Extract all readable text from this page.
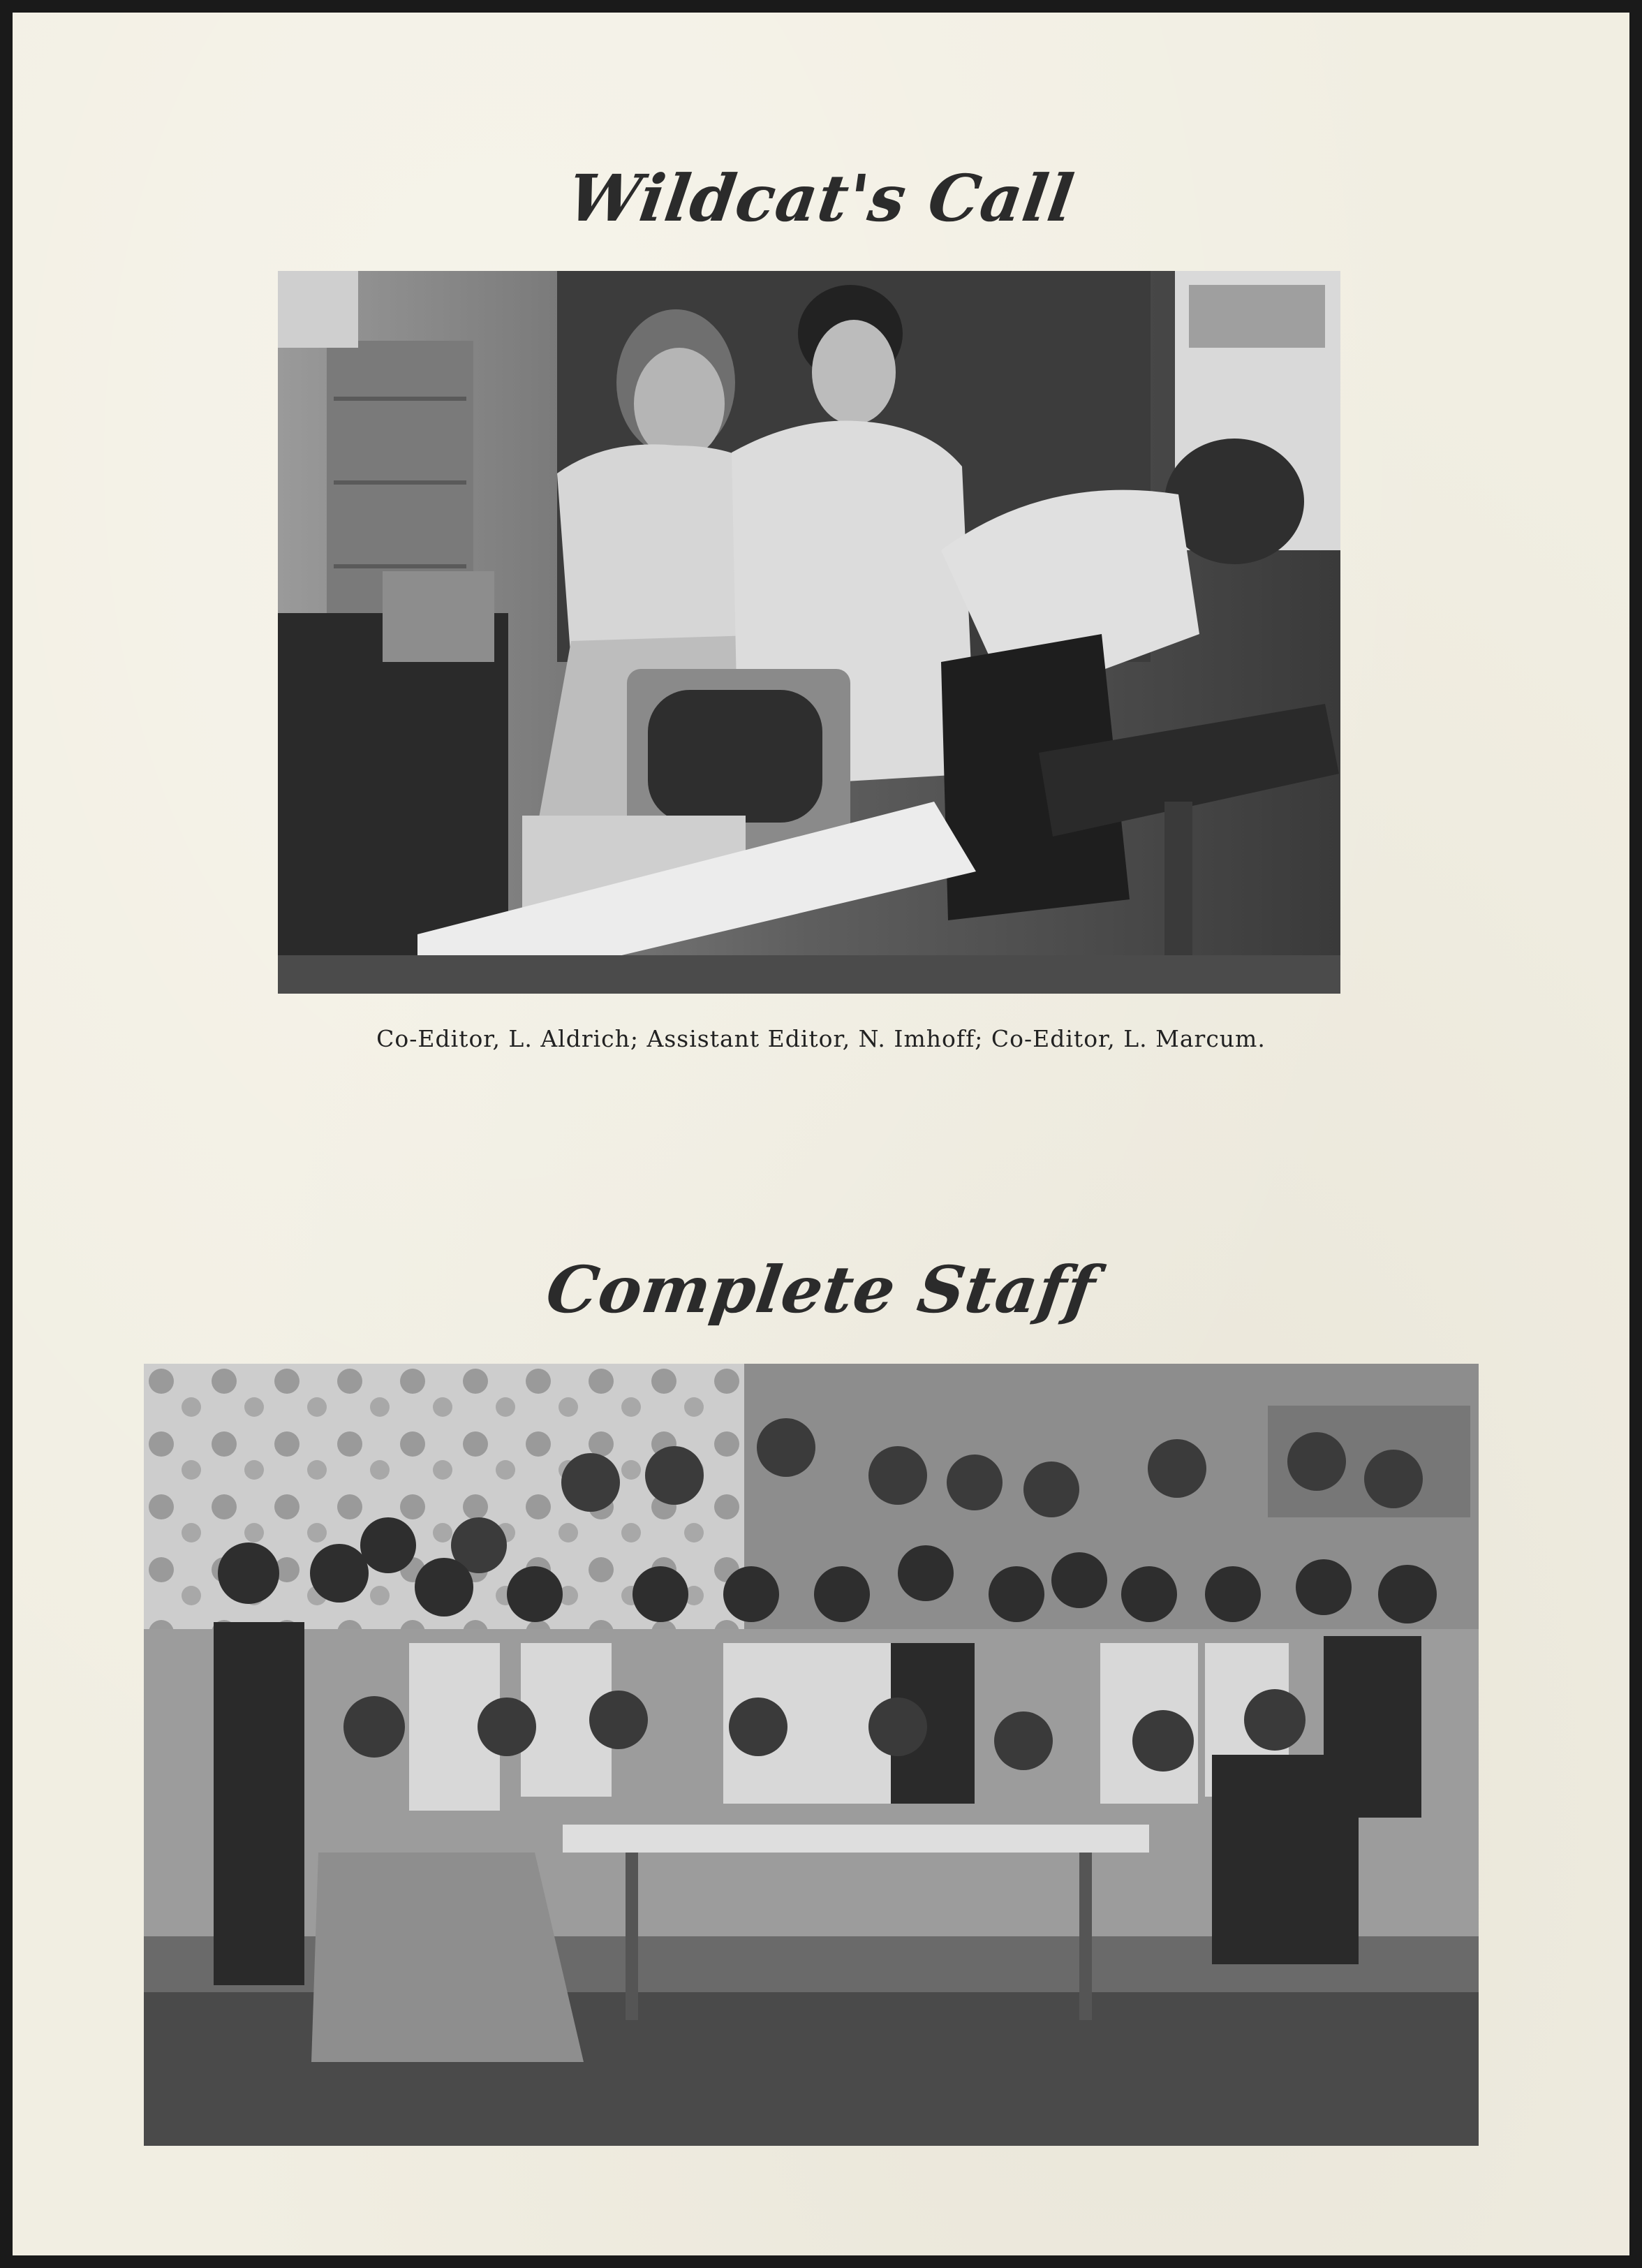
Wildcat's Call
Co-Editor, L. Aldrich; Assistant Editor, N. Imhoff; Co-Editor, L. Marcum.
Complete Staff
